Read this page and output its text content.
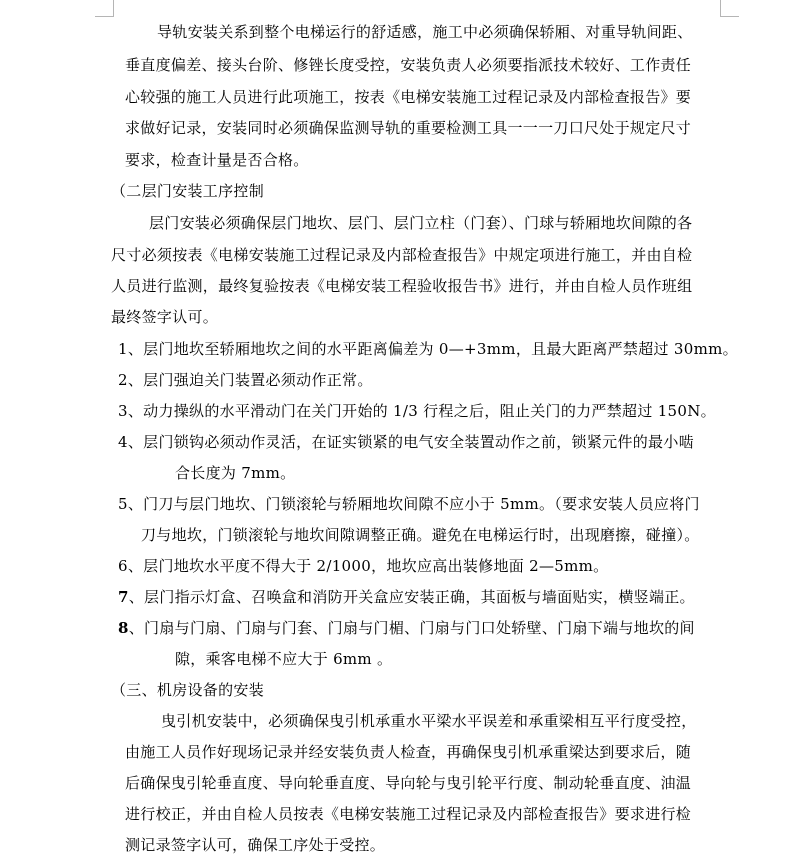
导轨安装关系到整个电梯运行的舒适感，施工中必须确保轿厢、对重导轨间距、
垂直度偏差、接头台阶、修锉长度受控，安装负责人必须要指派技术较好、工作责任
心较强的施工人员进行此项施工，按表《电梯安装施工过程记录及内部检查报告》要
求做好记录，安装同时必须确保监测导轨的重要检测工具一一一刀口尺处于规定尺寸
要求，检查计量是否合格。
（二层门安装工序控制
层门安装必须确保层门地坎、层门、层门立柱（门套）、门球与轿厢地坎间隙的各
尺寸必须按表《电梯安装施工过程记录及内部检查报告》中规定项进行施工，并由自检
人员进行监测，最终复验按表《电梯安装工程验收报告书》进行，并由自检人员作班组
最终签字认可。
1、层门地坎至轿厢地坎之间的水平距离偏差为 0—+3mm，且最大距离严禁超过 30mm。
2、层门强迫关门装置必须动作正常。
3、动力操纵的水平滑动门在关门开始的 1/3 行程之后，阻止关门的力严禁超过 150N。
4、层门锁钩必须动作灵活，在证实锁紧的电气安全装置动作之前，锁紧元件的最小啮
合长度为 7mm。
5、门刀与层门地坎、门锁滚轮与轿厢地坎间隙不应小于 5mm。（要求安装人员应将门
刀与地坎，门锁滚轮与地坎间隙调整正确。避免在电梯运行时，出现磨擦，碰撞）。
6、层门地坎水平度不得大于 2/1000，地坎应高出装修地面 2—5mm。
7、层门指示灯盒、召唤盒和消防开关盒应安装正确，其面板与墙面贴实，横竖端正。
8、门扇与门扇、门扇与门套、门扇与门楣、门扇与门口处轿壁、门扇下端与地坎的间
隙，乘客电梯不应大于 6mm 。
（三、机房设备的安装
曳引机安装中，必须确保曳引机承重水平梁水平误差和承重梁相互平行度受控，
由施工人员作好现场记录并经安装负责人检查，再确保曳引机承重梁达到要求后，随
后确保曳引轮垂直度、导向轮垂直度、导向轮与曳引轮平行度、制动轮垂直度、油温
进行校正，并由自检人员按表《电梯安装施工过程记录及内部检查报告》要求进行检
测记录签字认可，确保工序处于受控。
